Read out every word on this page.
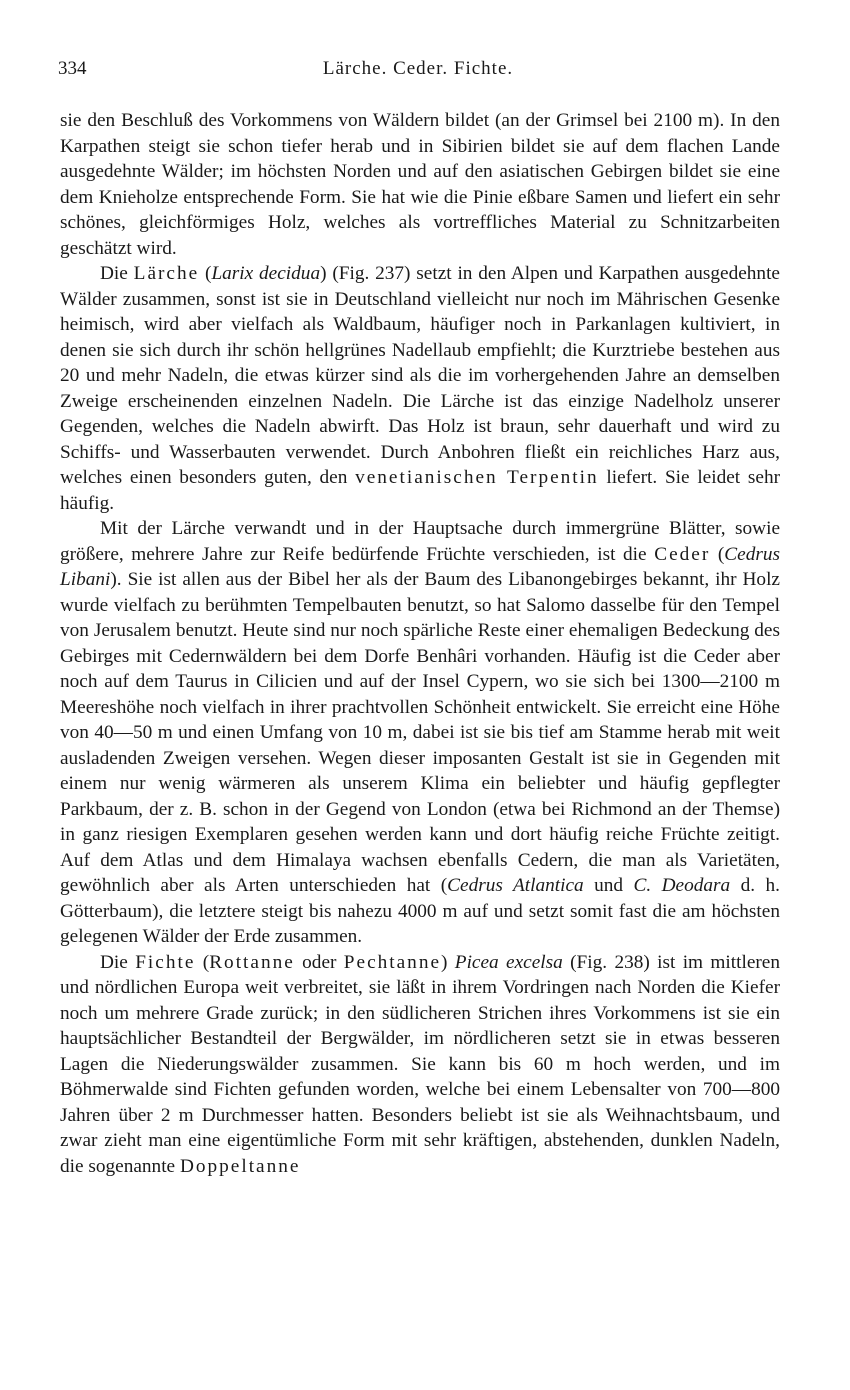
334	Lärche. Ceder. Fichte.

sie den Beschluß des Vorkommens von Wäldern bildet (an der Grimsel bei 2100 m). In den Karpathen steigt sie schon tiefer herab und in Sibirien bildet sie auf dem flachen Lande ausgedehnte Wälder; im höchsten Norden und auf den asiatischen Gebirgen bildet sie eine dem Knieholze entsprechende Form. Sie hat wie die Pinie eßbare Samen und liefert ein sehr schönes, gleichförmiges Holz, welches als vortreffliches Material zu Schnitzarbeiten geschätzt wird.

Die Lärche (Larix decidua) (Fig. 237) setzt in den Alpen und Karpathen ausgedehnte Wälder zusammen, sonst ist sie in Deutschland vielleicht nur noch im Mährischen Gesenke heimisch, wird aber vielfach als Waldbaum, häufiger noch in Parkanlagen kultiviert, in denen sie sich durch ihr schön hellgrünes Nadellaub empfiehlt; die Kurztriebe bestehen aus 20 und mehr Nadeln, die etwas kürzer sind als die im vorhergehenden Jahre an demselben Zweige erscheinenden einzelnen Nadeln. Die Lärche ist das einzige Nadelholz unserer Gegenden, welches die Nadeln abwirft. Das Holz ist braun, sehr dauerhaft und wird zu Schiffs- und Wasserbauten verwendet. Durch Anbohren fließt ein reichliches Harz aus, welches einen besonders guten, den venetianischen Terpentin liefert. Sie leidet sehr häufig.

Mit der Lärche verwandt und in der Hauptsache durch immergrüne Blätter, sowie größere, mehrere Jahre zur Reife bedürfende Früchte verschieden, ist die Ceder (Cedrus Libani). Sie ist allen aus der Bibel her als der Baum des Libanongebirges bekannt, ihr Holz wurde vielfach zu berühmten Tempelbauten benutzt, so hat Salomo dasselbe für den Tempel von Jerusalem benutzt. Heute sind nur noch spärliche Reste einer ehemaligen Bedeckung des Gebirges mit Cedernwäldern bei dem Dorfe Benhâri vorhanden. Häufig ist die Ceder aber noch auf dem Taurus in Cilicien und auf der Insel Cypern, wo sie sich bei 1300—2100 m Meereshöhe noch vielfach in ihrer prachtvollen Schönheit entwickelt. Sie erreicht eine Höhe von 40—50 m und einen Umfang von 10 m, dabei ist sie bis tief am Stamme herab mit weit ausladenden Zweigen versehen. Wegen dieser imposanten Gestalt ist sie in Gegenden mit einem nur wenig wärmeren als unserem Klima ein beliebter und häufig gepflegter Parkbaum, der z. B. schon in der Gegend von London (etwa bei Richmond an der Themse) in ganz riesigen Exemplaren gesehen werden kann und dort häufig reiche Früchte zeitigt. Auf dem Atlas und dem Himalaya wachsen ebenfalls Cedern, die man als Varietäten, gewöhnlich aber als Arten unterschieden hat (Cedrus Atlantica und C. Deodara d. h. Götterbaum), die letztere steigt bis nahezu 4000 m auf und setzt somit fast die am höchsten gelegenen Wälder der Erde zusammen.

Die Fichte (Rottanne oder Pechtanne) Picea excelsa (Fig. 238) ist im mittleren und nördlichen Europa weit verbreitet, sie läßt in ihrem Vordringen nach Norden die Kiefer noch um mehrere Grade zurück; in den südlicheren Strichen ihres Vorkommens ist sie ein hauptsächlicher Bestandteil der Bergwälder, im nördlicheren setzt sie in etwas besseren Lagen die Niederungswälder zusammen. Sie kann bis 60 m hoch werden, und im Böhmerwalde sind Fichten gefunden worden, welche bei einem Lebensalter von 700—800 Jahren über 2 m Durchmesser hatten. Besonders beliebt ist sie als Weihnachtsbaum, und zwar zieht man eine eigentümliche Form mit sehr kräftigen, abstehenden, dunklen Nadeln, die sogenannte Doppeltanne
